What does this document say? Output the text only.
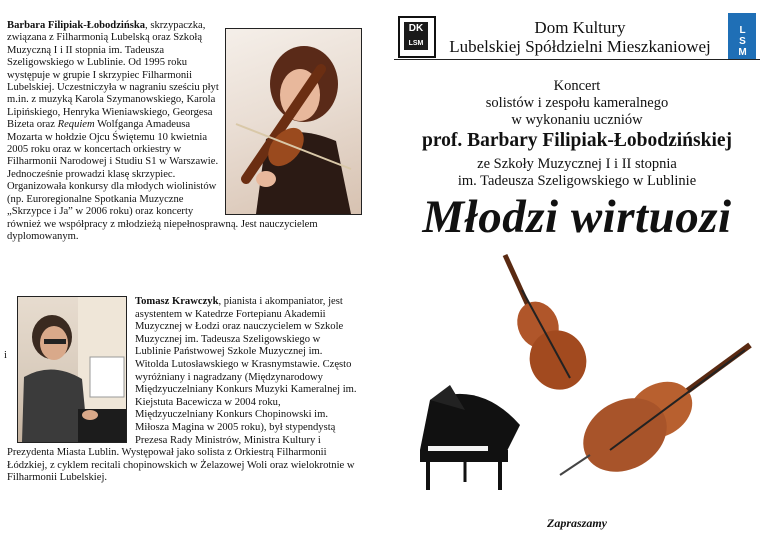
Barbara Filipiak-Łobodzińska, skrzypaczka, związana z Filharmonią Lubelską oraz Szkołą Muzyczną I i II stopnia im. Tadeusza Szeligowskiego w Lublinie. Od 1995 roku występuje w grupie I skrzypiec Filharmonii Lubelskiej. Uczestniczyła w nagraniu sześciu płyt m.in. z muzyką Karola Szymanowskiego, Karola Lipińskiego, Henryka Wieniawskiego, Georgesa Bizeta oraz Requiem Wolfganga Amadeusa Mozarta w hołdzie Ojcu Świętemu 10 kwietnia 2005 roku oraz w koncertach orkiestry w Filharmonii Narodowej i Studiu S1 w Warszawie. Jednocześnie prowadzi klasę skrzypiec. Organizowała konkursy dla młodych wiolinistów (np. Euroregionalne Spotkania Muzyczne „Skrzypce i Ja” w 2006 roku) oraz koncerty również we współpracy z młodzieżą niepełnosprawną. Jest nauczycielem dyplomowanym.

i
Tomasz Krawczyk, pianista i akompaniator, jest asystentem w Katedrze Fortepianu Akademii Muzycznej w Łodzi oraz nauczycielem w Szkole Muzycznej im. Tadeusza Szeligowskiego w Lublinie Państwowej Szkole Muzycznej im. Witolda Lutosławskiego w Krasnymstawie. Często wyróżniany i nagradzany (Międzynarodowy Międzyuczelniany Konkurs Muzyki Kameralnej im. Kiejstuta Bacewicza w 2004 roku, Międzyuczelniany Konkurs Chopinowski im. Miłosza Magina w 2005 roku), był stypendystą Prezesa Rady Ministrów, Ministra Kultury i Prezydenta Miasta Lublin. Występował jako solista z Orkiestrą Filharmonii Łódzkiej, z cyklem recitali chopinowskich w Żelazowej Woli oraz wielokrotnie w Filharmonii Lubelskiej.

DK
LSM	LSM
Dom Kultury
Lubelskiej Spółdzielni Mieszkaniowej
Koncert
solistów i zespołu kameralnego
w wykonaniu uczniów
prof. Barbary Filipiak-Łobodzińskiej
ze Szkoły Muzycznej I i II stopnia
im. Tadeusza Szeligowskiego w Lublinie
Młodzi wirtuozi
Zapraszamy
